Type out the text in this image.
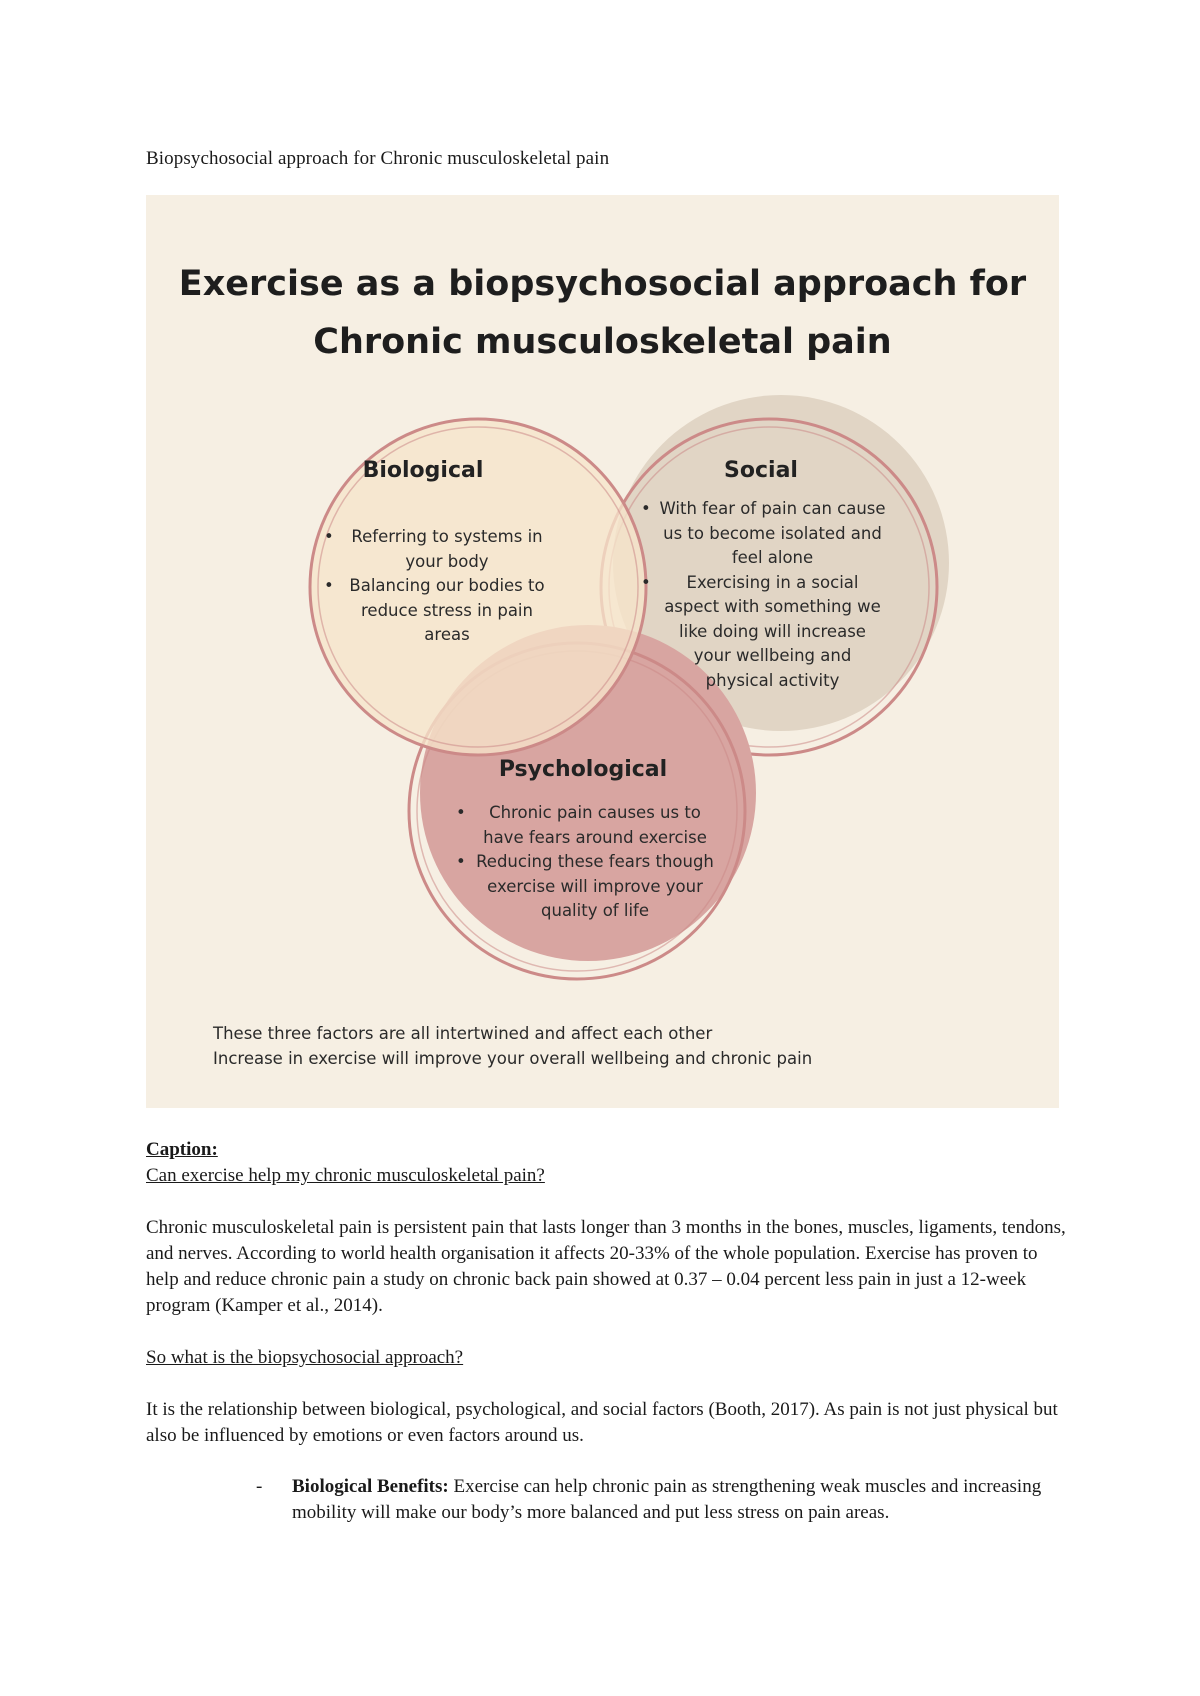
Biopsychosocial approach for Chronic musculoskeletal pain
Exercise as a biopsychosocial approach for
Chronic musculoskeletal pain
Biological
• Referring to systems in your body
• Balancing our bodies to reduce stress in pain areas
Social
• With fear of pain can cause us to become isolated and feel alone
• Exercising in a social aspect with something we like doing will increase your wellbeing and physical activity
Psychological
• Chronic pain causes us to have fears around exercise
• Reducing these fears though exercise will improve your quality of life
These three factors are all intertwined and affect each other
Increase in exercise will improve your overall wellbeing and chronic pain
Caption:
Can exercise help my chronic musculoskeletal pain?
Chronic musculoskeletal pain is persistent pain that lasts longer than 3 months in the bones, muscles, ligaments, tendons, and nerves. According to world health organisation it affects 20-33% of the whole population. Exercise has proven to help and reduce chronic pain a study on chronic back pain showed at 0.37 – 0.04 percent less pain in just a 12-week program (Kamper et al., 2014).
So what is the biopsychosocial approach?
It is the relationship between biological, psychological, and social factors (Booth, 2017). As pain is not just physical but also be influenced by emotions or even factors around us.
- Biological Benefits: Exercise can help chronic pain as strengthening weak muscles and increasing mobility will make our body’s more balanced and put less stress on pain areas.
